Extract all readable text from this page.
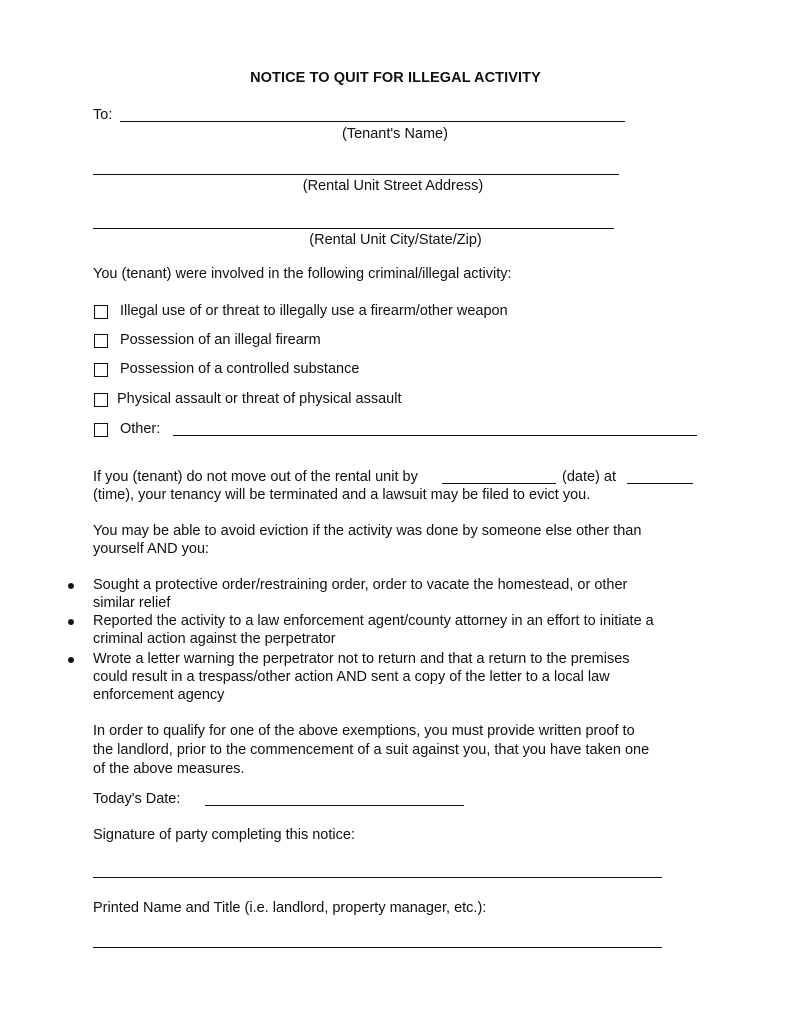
NOTICE TO QUIT FOR ILLEGAL ACTIVITY
To:
(Tenant's Name)
(Rental Unit Street Address)
(Rental Unit City/State/Zip)
You (tenant) were involved in the following criminal/illegal activity:
Illegal use of or threat to illegally use a firearm/other weapon
Possession of an illegal firearm
Possession of a controlled substance
Physical assault or threat of physical assault
Other:
If you (tenant) do not move out of the rental unit by	(date) at
(time), your tenancy will be terminated and a lawsuit may be filed to evict you.
You may be able to avoid eviction if the activity was done by someone else other than
yourself AND you:
Sought a protective order/restraining order, order to vacate the homestead, or other
similar relief
Reported the activity to a law enforcement agent/county attorney in an effort to initiate a
criminal action against the perpetrator
Wrote a letter warning the perpetrator not to return and that a return to the premises
could result in a trespass/other action AND sent a copy of the letter to a local law
enforcement agency
In order to qualify for one of the above exemptions, you must provide written proof to
the landlord, prior to the commencement of a suit against you, that you have taken one
of the above measures.
Today's Date:
Signature of party completing this notice:
Printed Name and Title (i.e. landlord, property manager, etc.):
